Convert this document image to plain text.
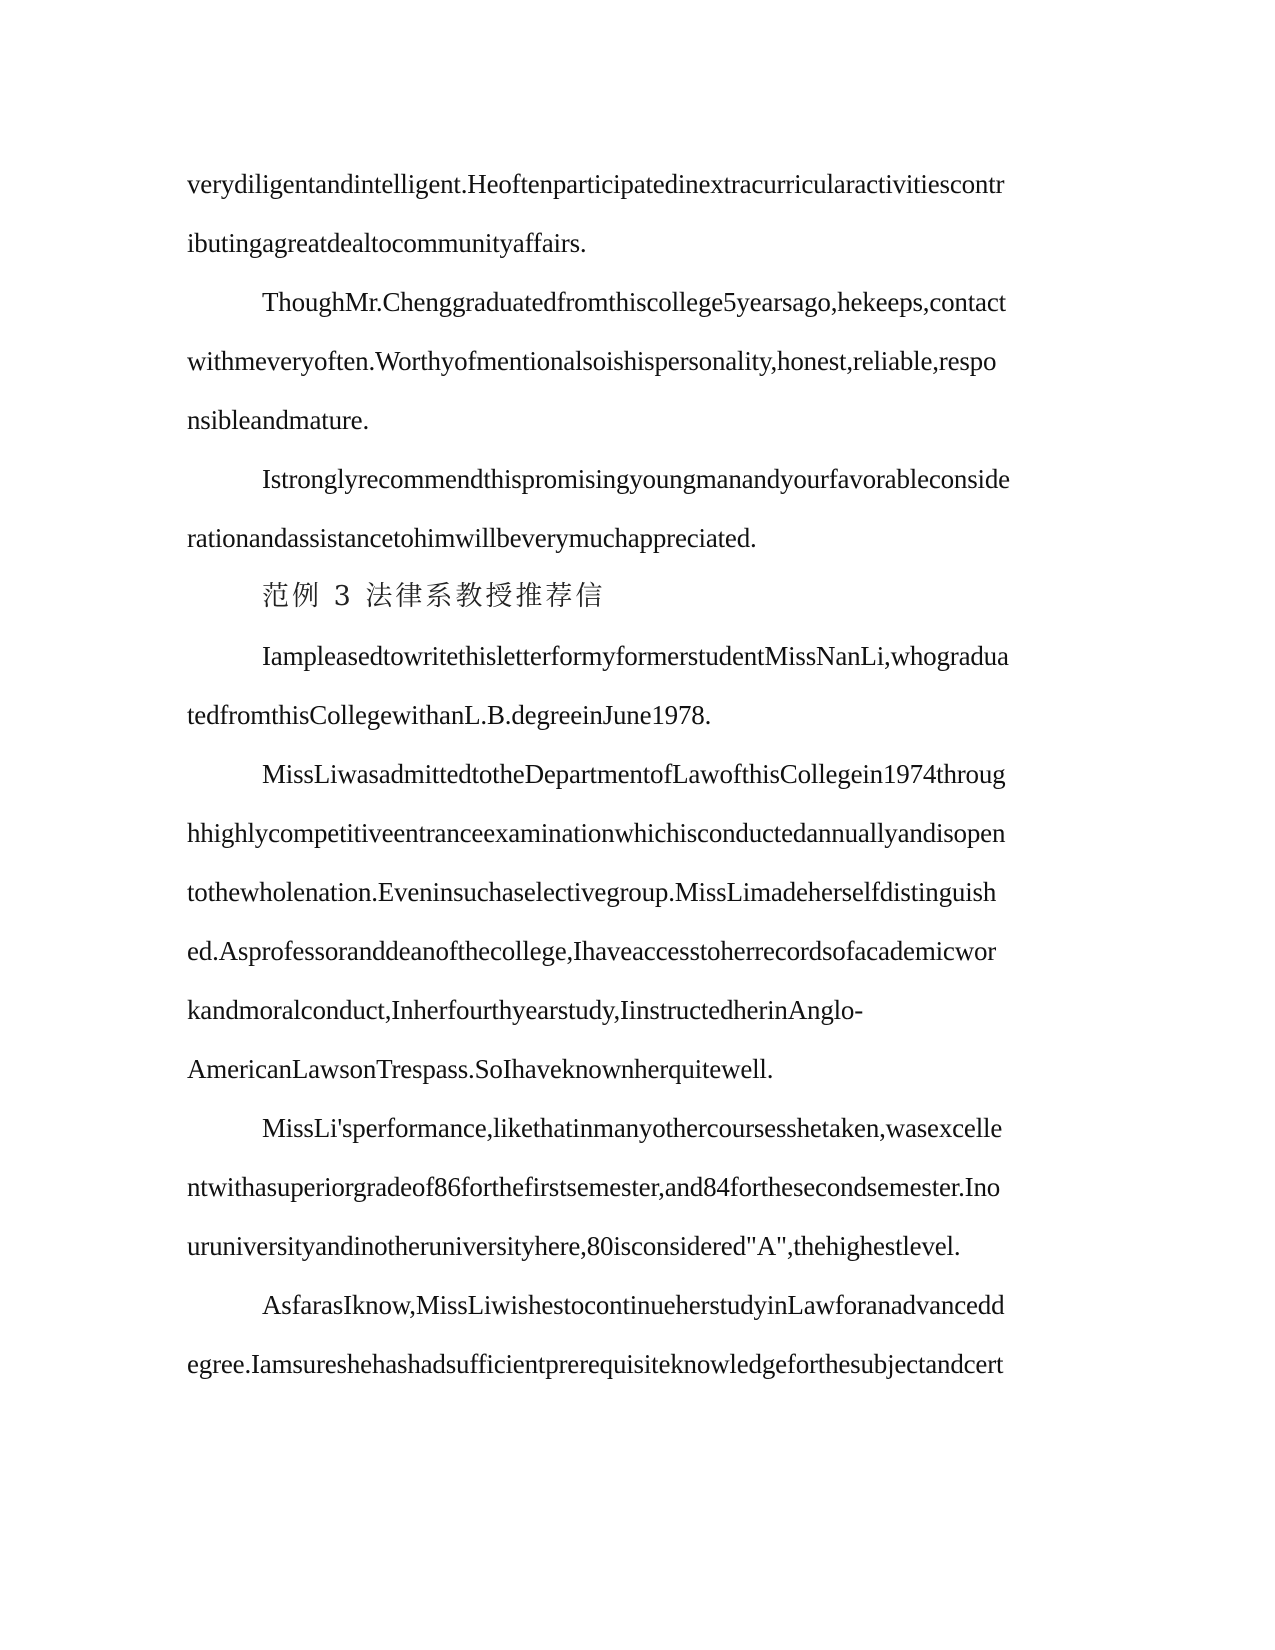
verydiligentandintelligent.Heoftenparticipatedinextracurricularactivitiescontr
ibutingagreatdealtocommunityaffairs.
ThoughMr.Chenggraduatedfromthiscollege5yearsago,hekeeps,contact
withmeveryoften.Worthyofmentionalsoishispersonality,honest,reliable,respo
nsibleandmature.
Istronglyrecommendthispromisingyoungmanandyourfavorableconside
rationandassistancetohimwillbeverymuchappreciated.
范例 3 法律系教授推荐信
IampleasedtowritethisletterformyformerstudentMissNanLi,whogradua
tedfromthisCollegewithanL.B.degreeinJune1978.
MissLiwasadmittedtotheDepartmentofLawofthisCollegein1974throug
hhighlycompetitiveentranceexaminationwhichisconductedannuallyandisopen
tothewholenation.Eveninsuchaselectivegroup.MissLimadeherselfdistinguish
ed.Asprofessoranddeanofthecollege,Ihaveaccesstoherrecordsofacademicwor
kandmoralconduct,Inherfourthyearstudy,IinstructedherinAnglo-
AmericanLawsonTrespass.SoIhaveknownherquitewell.
MissLi'sperformance,likethatinmanyothercoursesshetaken,wasexcelle
ntwithasuperiorgradeof86forthefirstsemester,and84forthesecondsemester.Ino
uruniversityandinotheruniversityhere,80isconsidered"A",thehighestlevel.
AsfarasIknow,MissLiwishestocontinueherstudyinLawforanadvancedd
egree.Iamsureshehashadsufficientprerequisiteknowledgeforthesubjectandcert
